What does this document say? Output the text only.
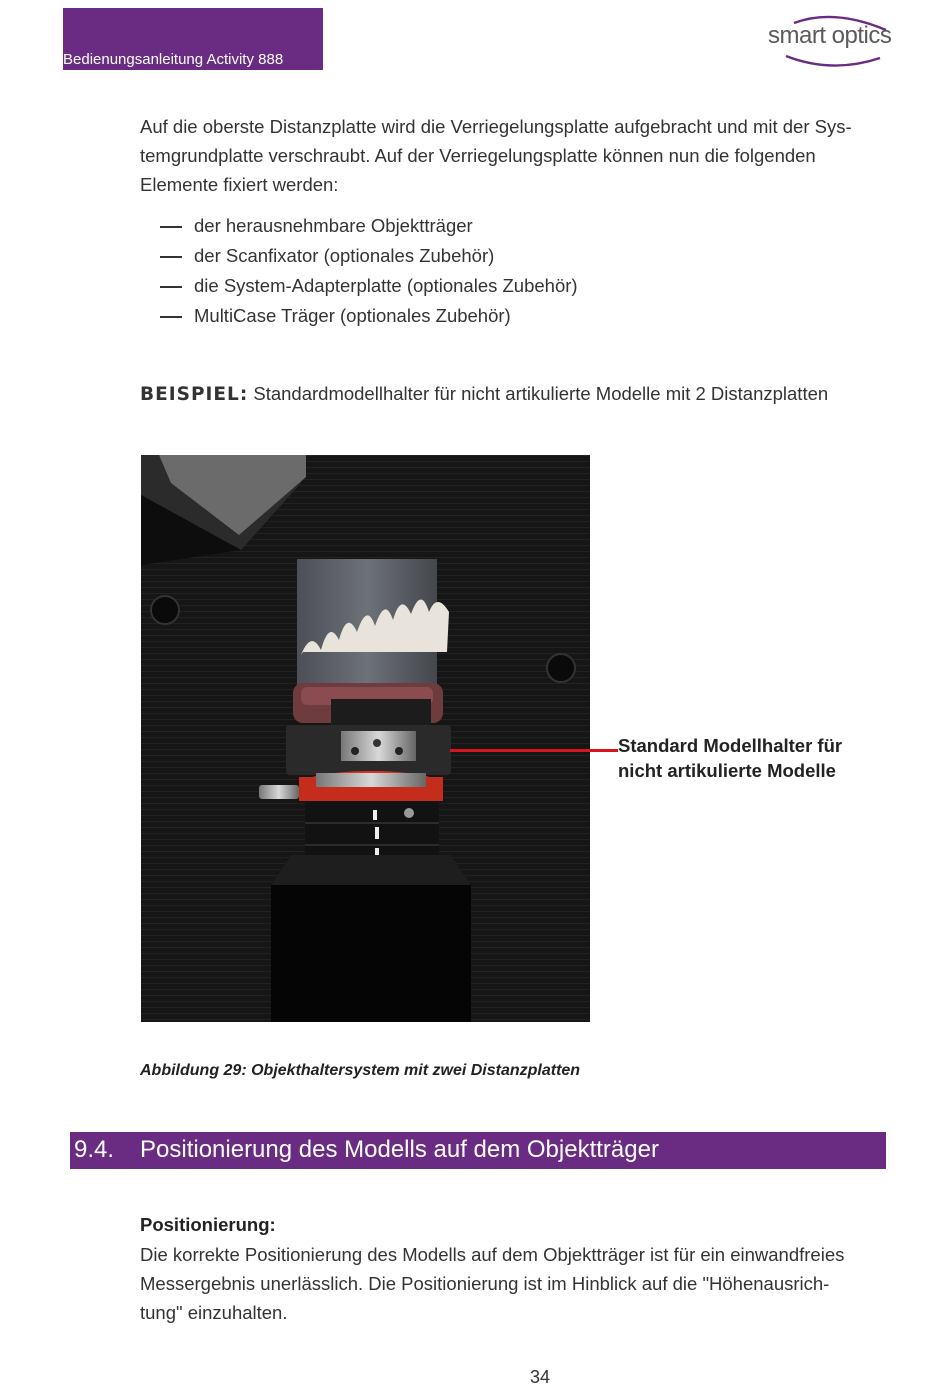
Bedienungsanleitung Activity 888
smart optics
Auf die oberste Distanzplatte wird die Verriegelungsplatte aufgebracht und mit der Sys-
temgrundplatte verschraubt. Auf der Verriegelungsplatte können nun die folgenden
Elemente fixiert werden:
der herausnehmbare Objektträger
der Scanfixator (optionales Zubehör)
die System-Adapterplatte (optionales Zubehör)
MultiCase Träger (optionales Zubehör)
BEISPIEL: Standardmodellhalter für nicht artikulierte Modelle mit 2 Distanzplatten
Standard Modellhalter für
nicht artikulierte Modelle
Abbildung 29: Objekthaltersystem mit zwei Distanzplatten
9.4. Positionierung des Modells auf dem Objektträger
Positionierung:
Die korrekte Positionierung des Modells auf dem Objektträger ist für ein einwandfreies
Messergebnis unerlässlich. Die Positionierung ist im Hinblick auf die "Höhenausrich-
tung" einzuhalten.
34
